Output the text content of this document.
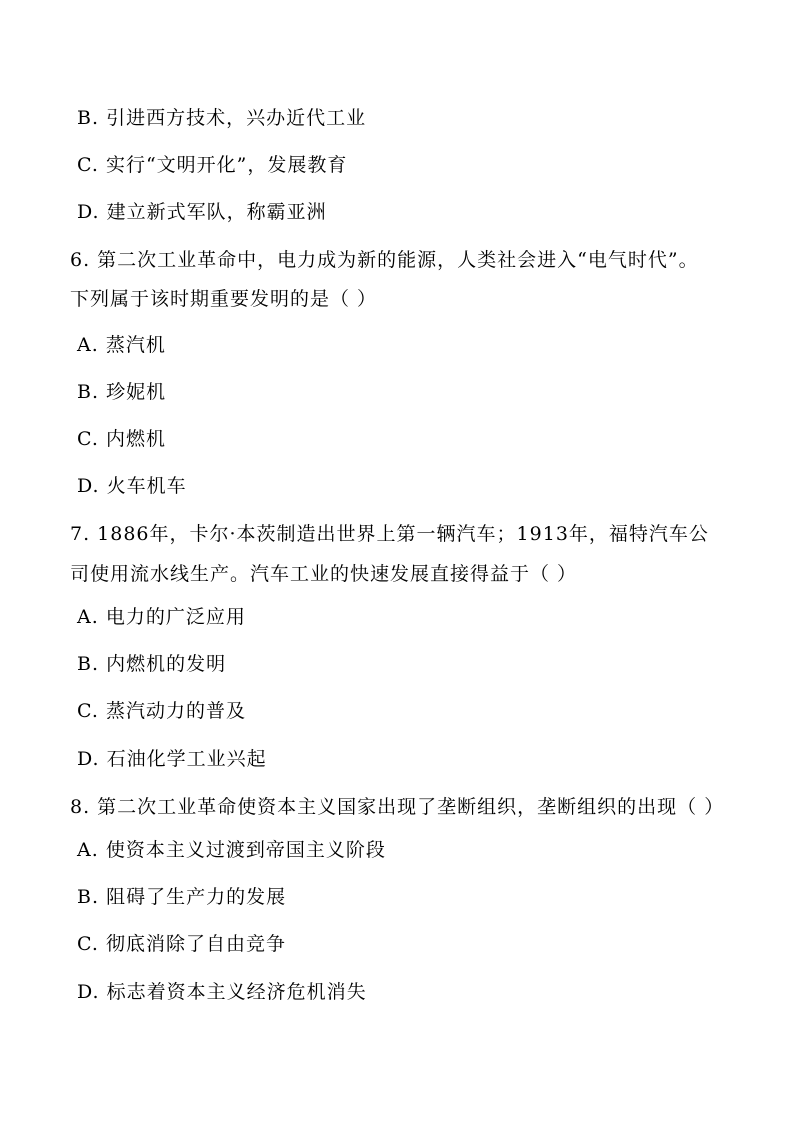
B. 引进西方技术，兴办近代工业
C. 实行“文明开化”，发展教育
D. 建立新式军队，称霸亚洲
6. 第二次工业革命中，电力成为新的能源，人类社会进入“电气时代”。
下列属于该时期重要发明的是（ ）
A. 蒸汽机
B. 珍妮机
C. 内燃机
D. 火车机车
7. 1886年，卡尔·本茨制造出世界上第一辆汽车；1913年，福特汽车公
司使用流水线生产。汽车工业的快速发展直接得益于（ ）
A. 电力的广泛应用
B. 内燃机的发明
C. 蒸汽动力的普及
D. 石油化学工业兴起
8. 第二次工业革命使资本主义国家出现了垄断组织，垄断组织的出现（ ）
A. 使资本主义过渡到帝国主义阶段
B. 阻碍了生产力的发展
C. 彻底消除了自由竞争
D. 标志着资本主义经济危机消失
